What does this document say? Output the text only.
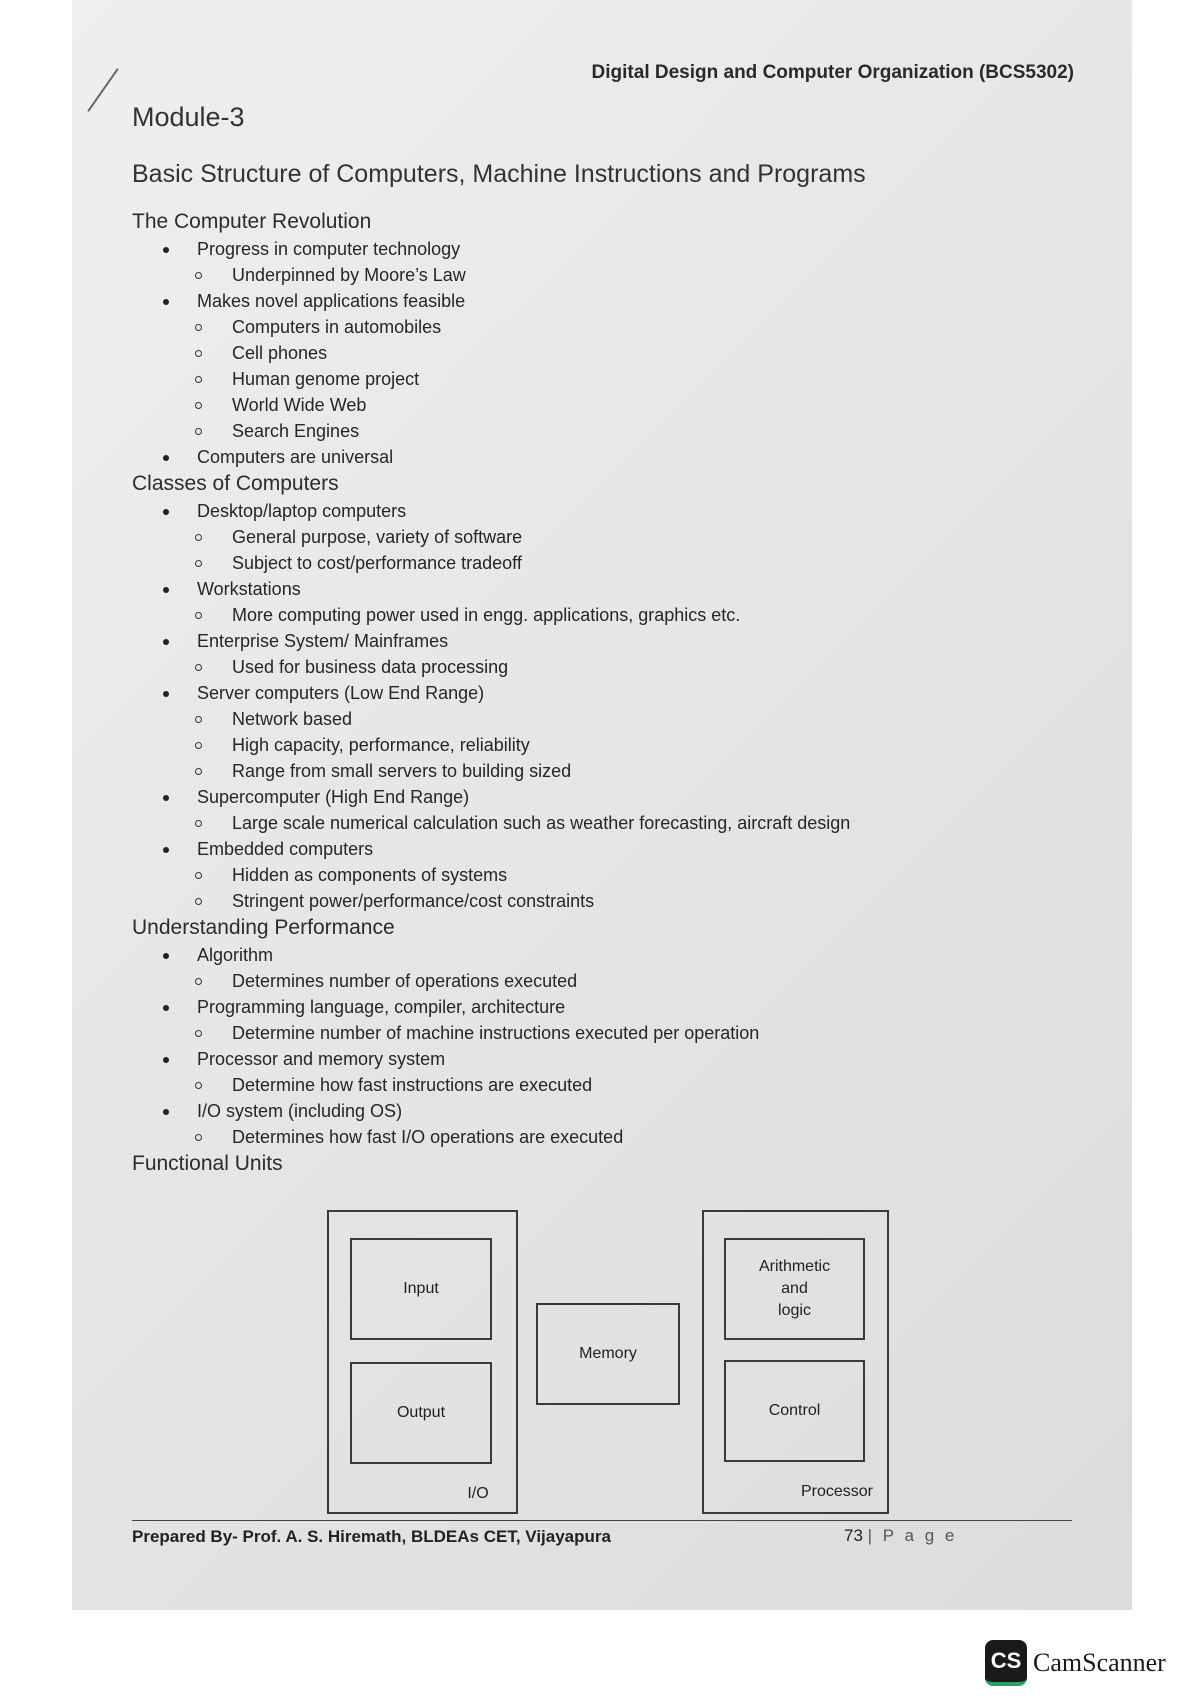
Digital Design and Computer Organization (BCS5302)
Module-3
Basic Structure of Computers, Machine Instructions and Programs
The Computer Revolution
Progress in computer technology
Underpinned by Moore’s Law
Makes novel applications feasible
Computers in automobiles
Cell phones
Human genome project
World Wide Web
Search Engines
Computers are universal
Classes of Computers
Desktop/laptop computers
General purpose, variety of software
Subject to cost/performance tradeoff
Workstations
More computing power used in engg. applications, graphics etc.
Enterprise System/ Mainframes
Used for business data processing
Server computers (Low End Range)
Network based
High capacity, performance, reliability
Range from small servers to building sized
Supercomputer (High End Range)
Large scale numerical calculation such as weather forecasting, aircraft design
Embedded computers
Hidden as components of systems
Stringent power/performance/cost constraints
Understanding Performance
Algorithm
Determines number of operations executed
Programming language, compiler, architecture
Determine number of machine instructions executed per operation
Processor and memory system
Determine how fast instructions are executed
I/O system (including OS)
Determines how fast I/O operations are executed
Functional Units
Input
Output
I/O
Memory
Arithmetic
and
logic
Control
Processor
Prepared By- Prof. A. S. Hiremath, BLDEAs CET, Vijayapura	73 | P a g e
CS CamScanner
